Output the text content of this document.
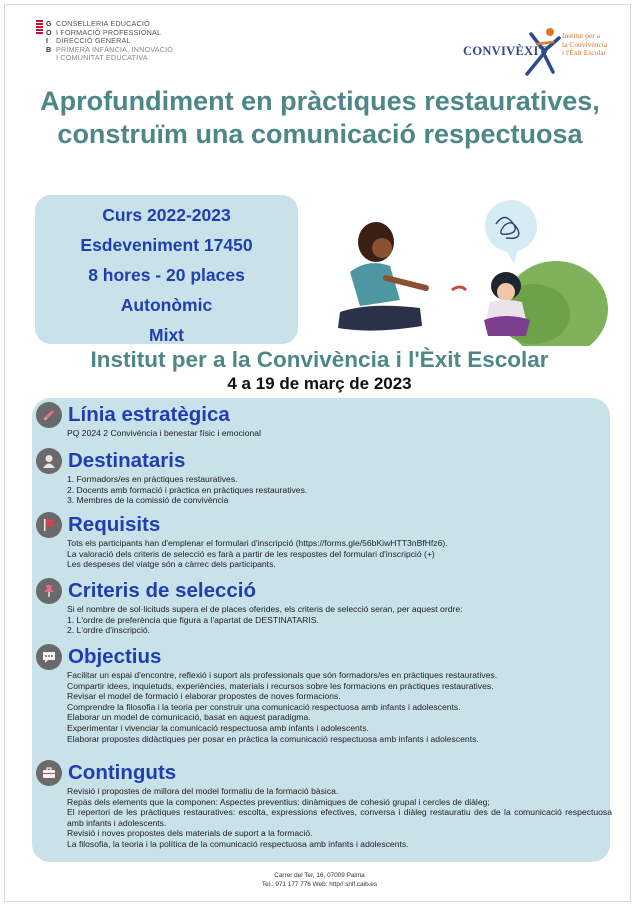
G CONSELLERIA EDUCACIÓ
O I FORMACIÓ PROFESSIONAL
I DIRECCIÓ GENERAL
B PRIMERA INFÀNCIA, INNOVACIÓ
I COMUNITAT EDUCATIVA	CONVIVÈXIT
Institut per a
la Convivència
i l'Èxit Escolar
Aprofundiment en pràctiques restauratives, construïm una comunicació respectuosa
Curs 2022-2023
Esdeveniment 17450
8 hores - 20 places
Autonòmic
Mixt
Institut per a la Convivència i l'Èxit Escolar
4 a 19 de març de 2023
Línia estratègica

PQ 2024 2 Convivència i benestar físic i emocional

Destinataris

1. Formadors/es en pràctiques restauratives.

2. Docents amb formació i pràctica en pràctiques restauratives.

3. Membres de la comissió de convivència

Requisits

Tots els participants han d'emplenar el formulari d'inscripció (https://forms.gle/56bKiwHTT3nBfHfz6).

La valoració dels criteris de selecció es farà a partir de les respostes del formulari d'inscripció (+)

Les despeses del viatge són a càrrec dels participants.

Criteris de selecció

Si el nombre de sol·licituds supera el de places oferides, els criteris de selecció seran, per aquest ordre:

1. L'ordre de preferència que figura a l'apartat de DESTINATARIS.

2. L'ordre d'inscripció.

Objectius

Facilitar un espai d'encontre, reflexió i suport als professionals que són formadors/es en pràctiques restauratives.

Compartir idees, inquietuds, experiències, materials i recursos sobre les formacions en pràctiques restauratives.

Revisar el model de formació i elaborar propostes de noves formacions.

Comprendre la filosofia i la teoria per construir una comunicació respectuosa amb infants i adolescents.

Elaborar un model de comunicació, basat en aquest paradigma.

Experimentar i vivenciar la comunicació respectuosa amb infants i adolescents.

Elaborar propostes didàctiques per posar en pràctica la comunicació respectuosa amb infants i adolescents.

Continguts

Revisió i propostes de millora del model formatiu de la formació bàsica.

Repàs dels elements que la componen: Aspectes preventius: dinàmiques de cohesió grupal i cercles de diàleg;

El repertori de les pràctiques restauratives: escolta, expressions efectives, conversa i diàleg restauratiu des de la comunicació respectuosa amb infants i adolescents.

Revisió i noves propostes dels materials de suport a la formació.

La filosofia, la teoria i la política de la comunicació respectuosa amb infants i adolescents.

Carrer del Ter, 16, 07009 Palma
Tel.: 971 177 776 Web: http//:snlf.caib.es
